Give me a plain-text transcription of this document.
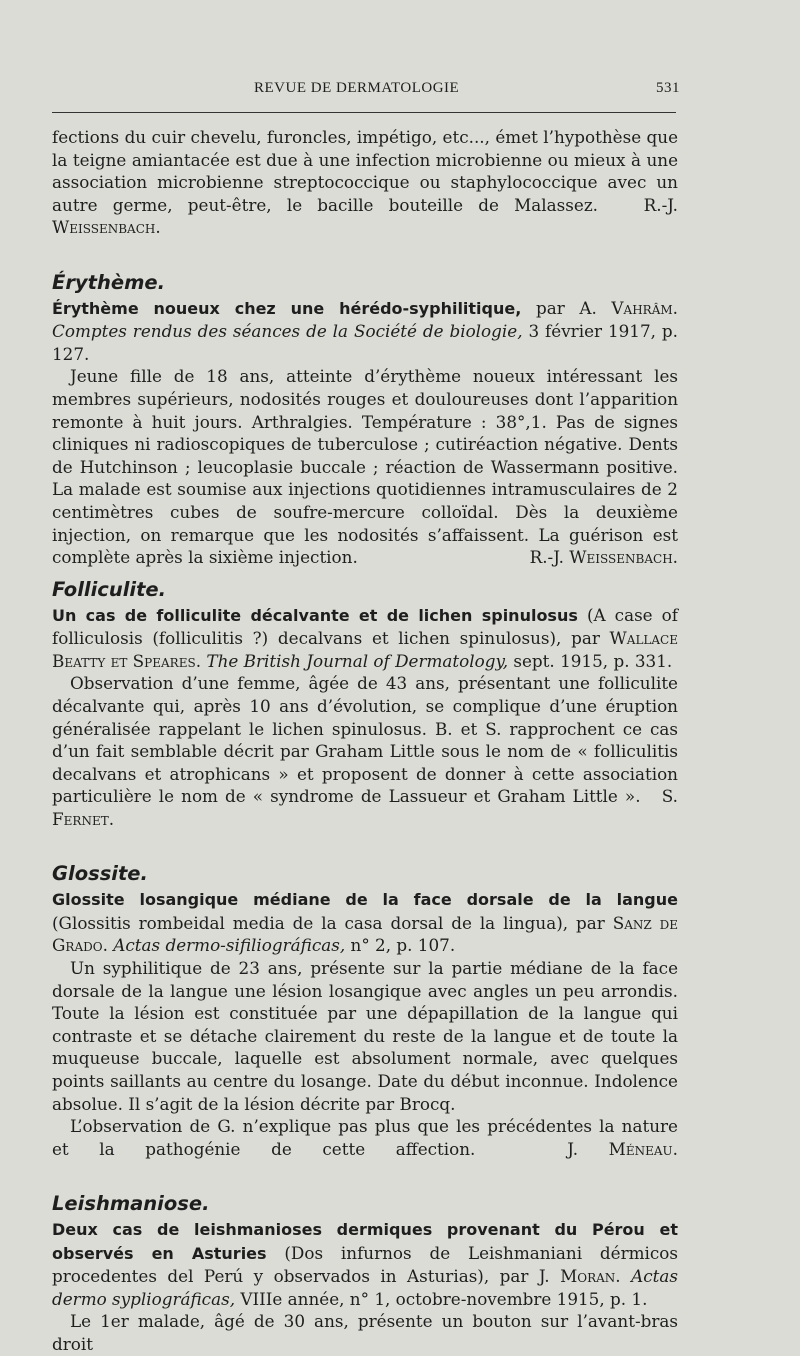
REVUE DE DERMATOLOGIE	531

fections du cuir chevelu, furoncles, impétigo, etc..., émet l’hypothèse que la teigne amiantacée est due à une infection microbienne ou mieux à une association microbienne streptococcique ou staphylococcique avec un autre germe, peut-être, le bacille bouteille de Malassez.	R.-J. Weissenbach.

Érythème.

Érythème noueux chez une hérédo-syphilitique, par A. Vahrâm. Comptes rendus des séances de la Société de biologie, 3 février 1917, p. 127.

Jeune fille de 18 ans, atteinte d’érythème noueux intéressant les membres supérieurs, nodosités rouges et douloureuses dont l’apparition remonte à huit jours. Arthralgies. Température : 38°,1. Pas de signes cliniques ni radioscopiques de tuberculose ; cutiréaction négative. Dents de Hutchinson ; leucoplasie buccale ; réaction de Wassermann positive. La malade est soumise aux injections quotidiennes intramusculaires de 2 centimètres cubes de soufre-mercure colloïdal. Dès la deuxième injection, on remarque que les nodosités s’affaissent. La guérison est complète après la sixième injection.	R.-J. Weissenbach.

Folliculite.

Un cas de folliculite décalvante et de lichen spinulosus (A case of folliculosis (folliculitis ?) decalvans et lichen spinulosus), par Wallace Beatty et Speares. The British Journal of Dermatology, sept. 1915, p. 331.

Observation d’une femme, âgée de 43 ans, présentant une folliculite décalvante qui, après 10 ans d’évolution, se complique d’une éruption généralisée rappelant le lichen spinulosus. B. et S. rapprochent ce cas d’un fait semblable décrit par Graham Little sous le nom de « folliculitis decalvans et atrophicans » et proposent de donner à cette association particulière le nom de « syndrome de Lassueur et Graham Little ». S. Fernet.

Glossite.

Glossite losangique médiane de la face dorsale de la langue (Glossitis rombeidal media de la casa dorsal de la lingua), par Sanz de Grado. Actas dermo-sifiliográficas, n° 2, p. 107.

Un syphilitique de 23 ans, présente sur la partie médiane de la face dorsale de la langue une lésion losangique avec angles un peu arrondis. Toute la lésion est constituée par une dépapillation de la langue qui contraste et se détache clairement du reste de la langue et de toute la muqueuse buccale, laquelle est absolument normale, avec quelques points saillants au centre du losange. Date du début inconnue. Indolence absolue. Il s’agit de la lésion décrite par Brocq.

L’observation de G. n’explique pas plus que les précédentes la nature et la pathogénie de cette affection.	J. Méneau.

Leishmaniose.

Deux cas de leishmanioses dermiques provenant du Pérou et observés en Asturies (Dos infurnos de Leishmaniani dérmicos procedentes del Perú y observados in Asturias), par J. Moran. Actas dermo sypliográficas, VIIIe année, n° 1, octobre-novembre 1915, p. 1.

Le 1er malade, âgé de 30 ans, présente un bouton sur l’avant-bras droit
